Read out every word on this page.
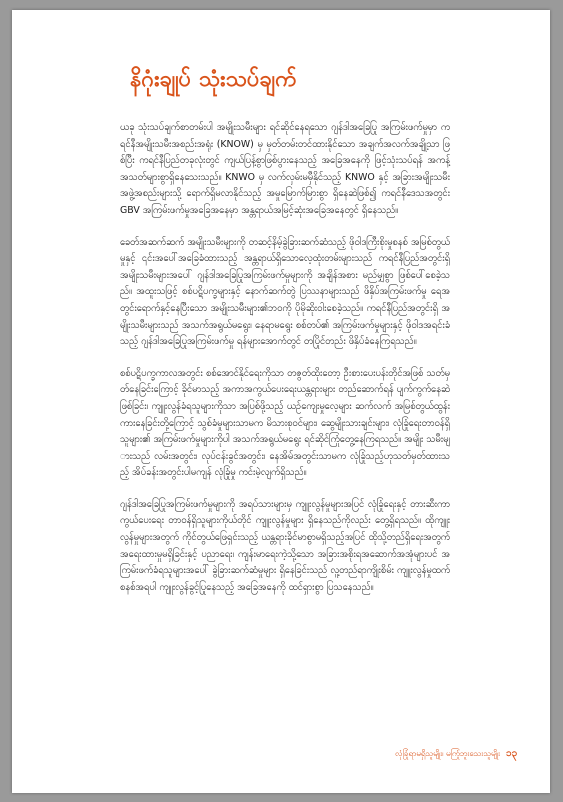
နိဂုံးချုပ် သုံးသပ်ချက်

ယခု သုံးသပ်ချက်စာတမ်းပါ အမျိုးသမီးများ ရင်ဆိုင်နေရသော ဂျန်ဒါအခြေပြု အကြမ်းဖက်မှုမှာ ကရင်နီအမျိုးသမီးအစည်းအရုံး (KNOW) မှ မှတ်တမ်းတင်ထားနိုင်သော အချက်အလက်အချို့သာ ဖြစ်ပြီး ကရင်နီပြည်တခုလုံးတွင် ကျယ်ပြန့်စွာဖြစ်ပွားနေသည့် အခြေအနေကို ဖြင့်သုံးသပ်ရန် အကန့်အသတ်များစွာရှိနေသေးသည်။ KNWO မှ လက်လှမ်းမမှီနိုင်သည့် KNWO နှင့် အခြားအမျိုးသမီးအဖွဲ့အစည်းများသို့ ရောက်ရှိမလာနိုင်သည့် အမှုမြောက်မြားစွာ ရှိနေဆဲဖြစ်၍ ကရင်နီဒေသအတွင်း GBV အကြမ်းဖက်မှုအခြေအနေမှာ အန္တရာယ်အမြင့်ဆုံးအခြေအနေတွင် ရှိနေသည်။

ခေတ်အဆက်ဆက် အမျိုးသမီးများကို တဆင့်နိမ့်ခွဲခြားဆက်ဆံသည့် ဖိုဝါဒကြီးစိုးမှုစနစ် အမြစ်တွယ်မှုနှင့် ၎င်းအပေါ်အခြေခံထားသည့် အန္တရာယ်ရှိသောလေ့ထုံးတမ်းများသည် ကရင်နီပြည်အတွင်းရှိ အမျိုးသမီးများအပေါ် ဂျန်ဒါအခြေပြုအကြမ်းဖက်မှုများကို အချိန်အစား မည်မျှစွာ ဖြစ်ပေါ်စေခဲ့သည်။ အထူးသဖြင့် စစ်ပဋိပက္ခများနှင့် နောက်ဆက်တွဲ ပြဿနာများသည် ဖိနှိပ်အကြမ်းဖက်မှု ရေအတွင်းရောက်နှင့်နေပြီးသော အမျိုးသမီးများ၏ဘဝကို ပိုမိုဆိုးဝါးစေခဲ့သည်။ ကရင်နီပြည်အတွင်းရှိ အမျိုးသမီးများသည် အသက်အရွယ်မရွေး၊ နေရာမရွေး စစ်တပ်၏ အကြမ်းဖက်မှုများနှင့် ဖိုဝါဒအရင်းခံသည့် ဂျန်ဒါအခြေပြုအကြမ်းဖက်မှု ရန်များအောက်တွင် တပြိုင်တည်း ဖိနှိပ်ခံနေကြရသည်။

စစ်ပဋိပက္ခကာလအတွင်း စစ်အောင်နိုင်ရေးကိုသာ တဇွတ်ထိုးတော့ ဦးစားပေးပန်းတိုင်အဖြစ် သတ်မှတ်နေခြင်းကြောင့် ခိုင်မာသည့် အကာအကွယ်ပေးရေးယန္တရားများ တည်ဆောက်ရန် ပျက်ကွက်နေဆဲဖြစ်ခြင်း၊ ကျူးလွန်ခံရသူများကိုသာ အပြစ်ဖို့သည့် ယဉ်ကျေးမှုလေ့များ ဆက်လက် အမြစ်တွယ်ထွန်းကားနေခြင်းတို့ကြောင့် သွစ်ခံမှုများသာမက မိသားစုဝင်များ၊ ဆွေမျိုးသားချင်းများ၊ လုံခြုံရေးတာဝန်ရှိသူများ၏ အကြမ်းဖက်မှုများကိုပါ အသက်အရွယ်မရွေး ရင်ဆိုင်ကြုံတွေ့နေကြရသည်။ အမျိုး သမီးများသည် လမ်းအတွင်း၊ လုပ်ငန်းခွင်အတွင်း၊ နေအိမ်အတွင်းသာမက လုံခြုံသည့်ဟုသတ်မှတ်ထားသည့် အိပ်ခန်းအတွင်းပါမကျန် လုံခြုံမှု ကင်းမဲ့လျက်ရှိသည်။

ဂျန်ဒါအခြေပြုအကြမ်းဖက်မှုများကို အရပ်သားများမှ ကျူးလွန်မှုများအပြင် လုံခြုံရေးနှင့် တားဆီးကာကွယ်ပေးရေး တာဝန်ရှိသူများကိုယ်တိုင် ကျူးလွန်မှုများ ရှိနေသည်ကိုလည်း တွေ့ရှိရသည်။ ထိုကျူးလွန်မှုများအတွက် ကိုင်တွယ်ဖြေရှင်းသည့် ယန္တရားခိုင်မာစွာမရှိသည့်အပြင် ထိုသို့တည်ရှိရေးအတွက် အရေးထားမှုမရှိခြင်းနှင့် ပညာရေး၊ ကျန်းမာရေးကဲ့သို့သော အခြားအစိုးရအဆောက်အအုံများပင် အကြမ်းဖက်ခံရသူများအပေါ် ခွဲခြားဆက်ဆံမှုများ ရှိနေခြင်းသည် လူ့တည်ရာကျိုးစိမ်း ကျူးလွန်မှုထက် စနစ်အရပါ ကျူးလွန်ခွင့်ပြုနေသည့် အခြေအနေကို ထင်ရှားစွာ ပြသနေသည်။

လုံခြုံရာမရှိသူမျိုး၊ မကြုံဘူးသေးသူမျိုး ၁၃
